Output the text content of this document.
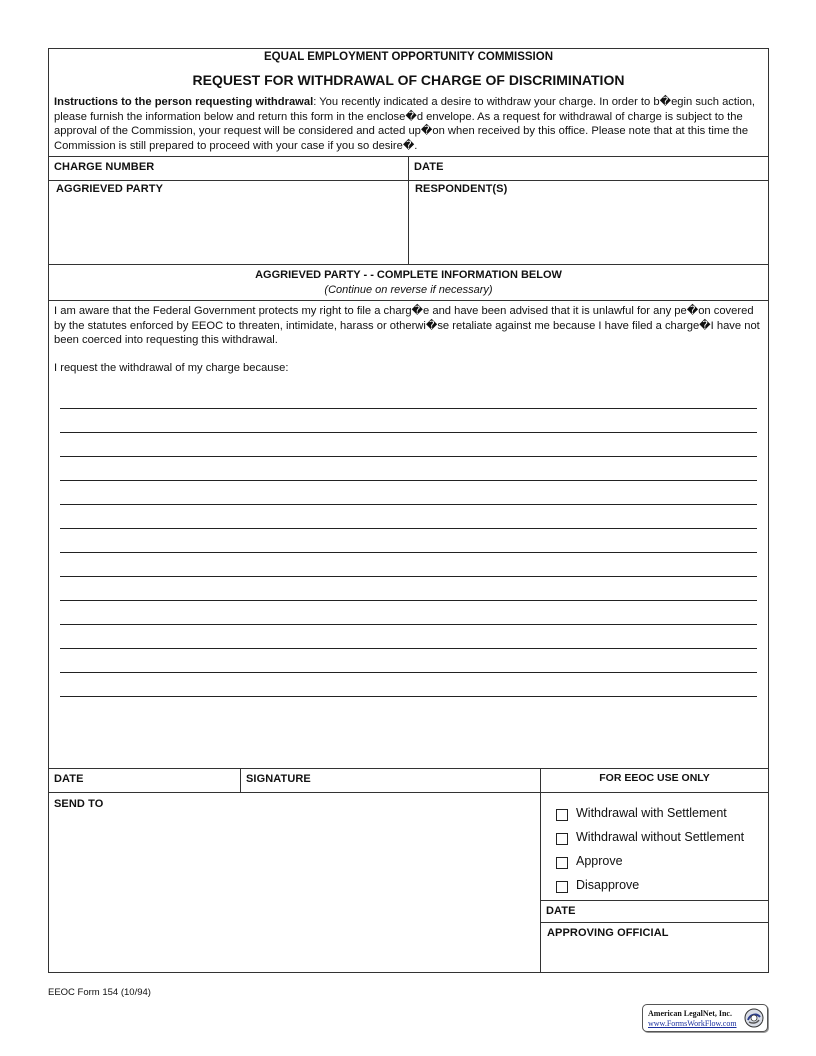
EQUAL EMPLOYMENT OPPORTUNITY COMMISSION
REQUEST FOR WITHDRAWAL OF CHARGE OF DISCRIMINATION
Instructions to the person requesting withdrawal: You recently indicated a desire to withdraw your charge. In order to b�egin such action, please furnish the information below and return this form in the enclose�d envelope. As a request for withdrawal of charge is subject to the approval of the Commission, your request will be considered and acted up�on when received by this office. Please note that at this time the Commission is still prepared to proceed with your case if you so desire�.
CHARGE NUMBER	DATE
AGGRIEVED PARTY	RESPONDENT(S)
AGGRIEVED PARTY - - COMPLETE INFORMATION BELOW
(Continue on reverse if necessary)
I am aware that the Federal Government protects my right to file a charg�e and have been advised that it is unlawful for any pe�on covered by the statutes enforced by EEOC to threaten, intimidate, harass or otherwi�se retaliate against me because I have filed a charge�I have not been coerced into requesting this withdrawal.
I request the withdrawal of my charge because:
DATE	SIGNATURE
SEND TO
FOR EEOC USE ONLY
Withdrawal with Settlement
Withdrawal without Settlement
Approve
Disapprove
DATE
APPROVING OFFICIAL
EEOC Form 154 (10/94)
American LegalNet, Inc.
www.FormsWorkFlow.com
